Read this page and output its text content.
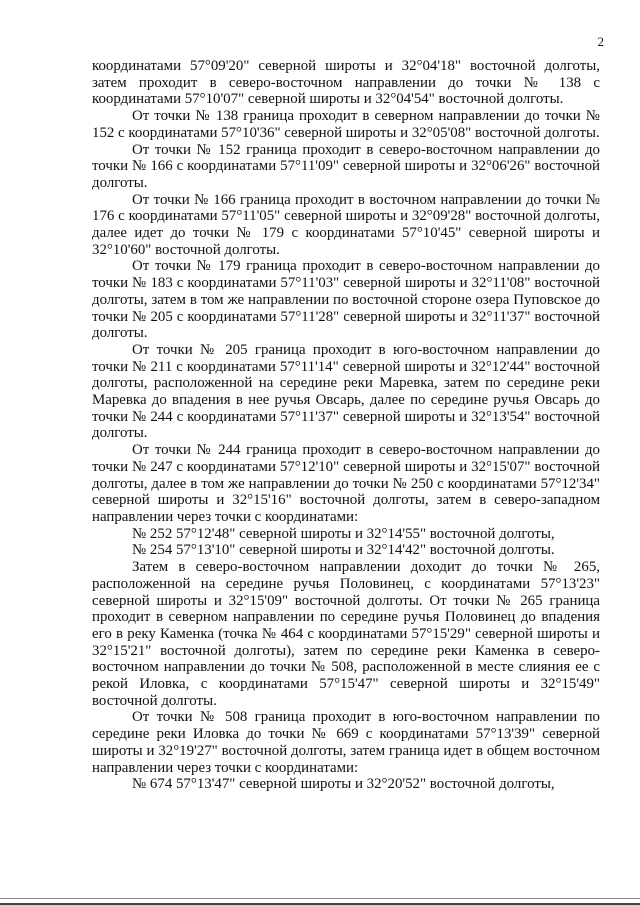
2

координатами 57°09'20" северной широты и 32°04'18" восточной долготы, затем проходит в северо-восточном направлении до точки № 138 с координатами 57°10'07" северной широты и 32°04'54" восточной долготы.

От точки № 138 граница проходит в северном направлении до точки № 152 с координатами 57°10'36" северной широты и 32°05'08" восточной долготы.

От точки № 152 граница проходит в северо-восточном направлении до точки № 166 с координатами 57°11'09" северной широты и 32°06'26" восточной долготы.

От точки № 166 граница проходит в восточном направлении до точки № 176 с координатами 57°11'05" северной широты и 32°09'28" восточной долготы, далее идет до точки № 179 с координатами 57°10'45" северной широты и 32°10'60" восточной долготы.

От точки № 179 граница проходит в северо-восточном направлении до точки № 183 с координатами 57°11'03" северной широты и 32°11'08" восточной долготы, затем в том же направлении по восточной стороне озера Пуповское до точки № 205 с координатами 57°11'28" северной широты и 32°11'37" восточной долготы.

От точки № 205 граница проходит в юго-восточном направлении до точки № 211 с координатами 57°11'14" северной широты и 32°12'44" восточной долготы, расположенной на середине реки Маревка, затем по середине реки Маревка до впадения в нее ручья Овсарь, далее по середине ручья Овсарь до точки № 244 с координатами 57°11'37" северной широты и 32°13'54" восточной долготы.

От точки № 244 граница проходит в северо-восточном направлении до точки № 247 с координатами 57°12'10" северной широты и 32°15'07" восточной долготы, далее в том же направлении до точки № 250 с координатами 57°12'34" северной широты и 32°15'16" восточной долготы, затем в северо-западном направлении через точки с координатами:

№ 252 57°12'48" северной широты и 32°14'55" восточной долготы,

№ 254 57°13'10" северной широты и 32°14'42" восточной долготы.

Затем в северо-восточном направлении доходит до точки № 265, расположенной на середине ручья Половинец, с координатами 57°13'23" северной широты и 32°15'09" восточной долготы. От точки № 265 граница проходит в северном направлении по середине ручья Половинец до впадения его в реку Каменка (точка № 464 с координатами 57°15'29" северной широты и 32°15'21" восточной долготы), затем по середине реки Каменка в северо-восточном направлении до точки № 508, расположенной в месте слияния ее с рекой Иловка, с координатами 57°15'47" северной широты и 32°15'49" восточной долготы.

От точки № 508 граница проходит в юго-восточном направлении по середине реки Иловка до точки № 669 с координатами 57°13'39" северной широты и 32°19'27" восточной долготы, затем граница идет в общем восточном направлении через точки с координатами:

№ 674 57°13'47" северной широты и 32°20'52" восточной долготы,
